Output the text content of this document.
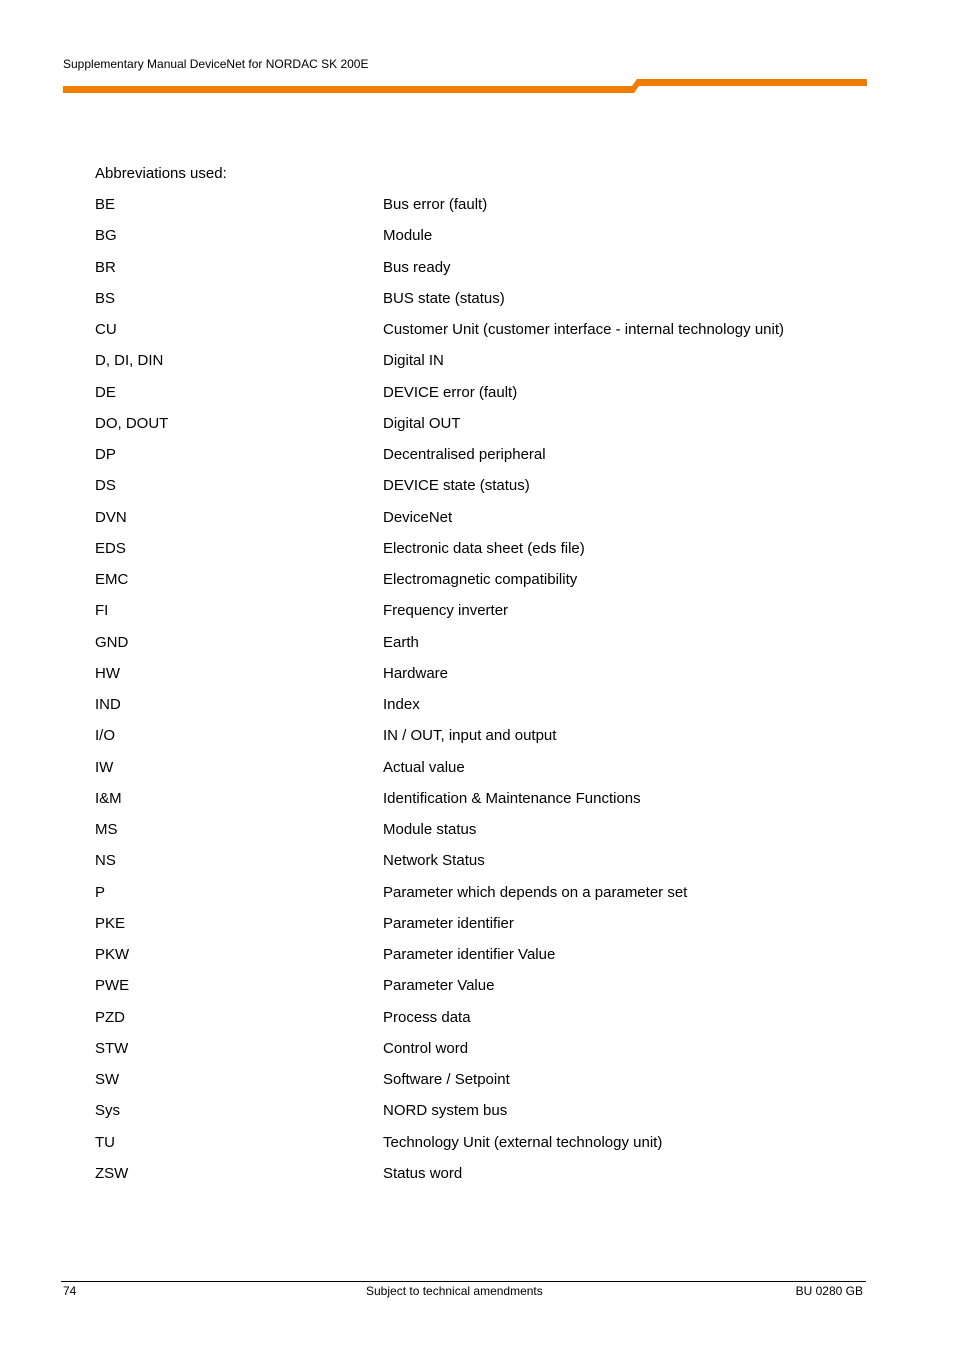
Supplementary Manual DeviceNet for NORDAC SK 200E
Abbreviations used:
BE	Bus error (fault)
BG	Module
BR	Bus ready
BS	BUS state (status)
CU	Customer Unit (customer interface - internal technology unit)
D, DI, DIN	Digital IN
DE	DEVICE error (fault)
DO, DOUT	Digital OUT
DP	Decentralised peripheral
DS	DEVICE state (status)
DVN	DeviceNet
EDS	Electronic data sheet (eds file)
EMC	Electromagnetic compatibility
FI	Frequency inverter
GND	Earth
HW	Hardware
IND	Index
I/O	IN / OUT, input and output
IW	Actual value
I&M	Identification & Maintenance Functions
MS	Module status
NS	Network Status
P	Parameter which depends on a parameter set
PKE	Parameter identifier
PKW	Parameter identifier Value
PWE	Parameter Value
PZD	Process data
STW	Control word
SW	Software / Setpoint
Sys	NORD system bus
TU	Technology Unit (external technology unit)
ZSW	Status word
74	Subject to technical amendments	BU 0280 GB
